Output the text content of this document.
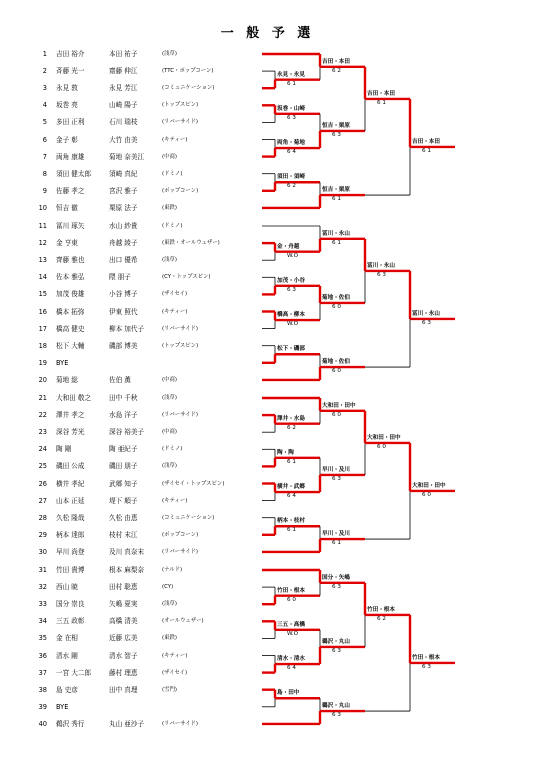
一 般 予 選
1 吉田 裕介	本田 祐子	(浅草)
2 斉藤 光一	齋藤 伸江	(TTC・ポップコーン)
3 永見 敦	永見 芳江	(コミュニケーション)
4 坂巻 亮	山崎 陽子	(トップスピン)
5 多田 正利	石川 瑞枝	(リバーサイド)
6 金子 彰	大竹 由美	(キティー)
7 両角 康雄	菊地 奈美江	(中商)
8 須田 健太郎	須崎 真紀	(ドミノ)
9 佐藤 孝之	宮沢 雅子	(ポップコーン)
10 恒吉 徹	栗原 法子	(東鉄)
11 冨川 琢矢	水山 紗貴	(ドミノ)
12 金 亨東	舟越 綾子	(東鉄・オールウェザー)
13 齊藤 雅也	出口 優希	(浅草)
14 佐本 雅弘	隈 朋子	(CY・トップスピン)
15 加茂 俊雄	小谷 博子	(ザイセイ)
16 橋本 拓弥	伊東 照代	(キティー)
17 橋高 健史	柳本 加代子	(リバーサイド)
18 松下 大輔	磯部 博美	(トップスピン)
19 BYE
20 菊地 総	佐伯 薫	(中商)
21 大和田 敬之	田中 千秋	(浅草)
22 澤井 孝之	水島 洋子	(リバーサイド)
23 深谷 芳光	深谷 裕美子	(中商)
24 陶 剛	陶 亜紀子	(ドミノ)
25 磯田 公成	磯田 朋子	(浅草)
26 横井 孝紀	武郷 知子	(ザイセイ・トップスピン)
27 山本 正延	堤下 順子	(キティー)
28 久松 隆哉	久松 由恵	(コミュニケーション)
29 柄本 達郎	枝村 末江	(ポップコーン)
30 早川 尚登	及川 真奈末	(リバーサイド)
31 竹田 貴博	根本 麻梨奈	(ナルド)
32 西山 暁	田村 聡恵	(CY)
33 国分 崇良	矢嶋 夏実	(浅草)
34 三五 政彰	高橋 清美	(オールウェザー)
35 金 在相	近藤 広美	(東鉄)
36 清水 剛	清水 智子	(キティー)
37 一宮 大二郎	藤村 理恵	(ザイセイ)
38 島 史彦	田中 真理	(雪門)
39 BYE
40 鵜沢 秀行	丸山 亜沙子	(リバーサイド)
永見・永見
6 1
吉田・本田
6 2
吉田・本田
6 1
坂巻・山崎
6 3
両角・菊地
6 4
恒吉・栗原
6 3
須田・須崎
6 2
恒吉・栗原
6 1
吉田・本田
6 1
金・舟越
W.O
冨川・永山
6 1
冨川・永山
6 3
加茂・小谷
6 3
橋高・柳本
W.O
菊地・佐伯
6 0
松下・磯部
菊地・佐伯
6 0
冨川・永山
6 3
澤井・水島
6 2
大和田・田中
6 0
大和田・田中
6 0
陶・陶
6 1
横井・武郷
6 4
早川・及川
6 3
柄本・枝村
6 1
早川・及川
6 1
大和田・田中
6 0
竹田・根本
6 0
国分・矢嶋
6 3
竹田・根本
6 2
三五・高橋
W.O
清水・清水
6 4
鵜沢・丸山
6 3
島・田中
鵜沢・丸山
6 3
竹田・根本
6 3
